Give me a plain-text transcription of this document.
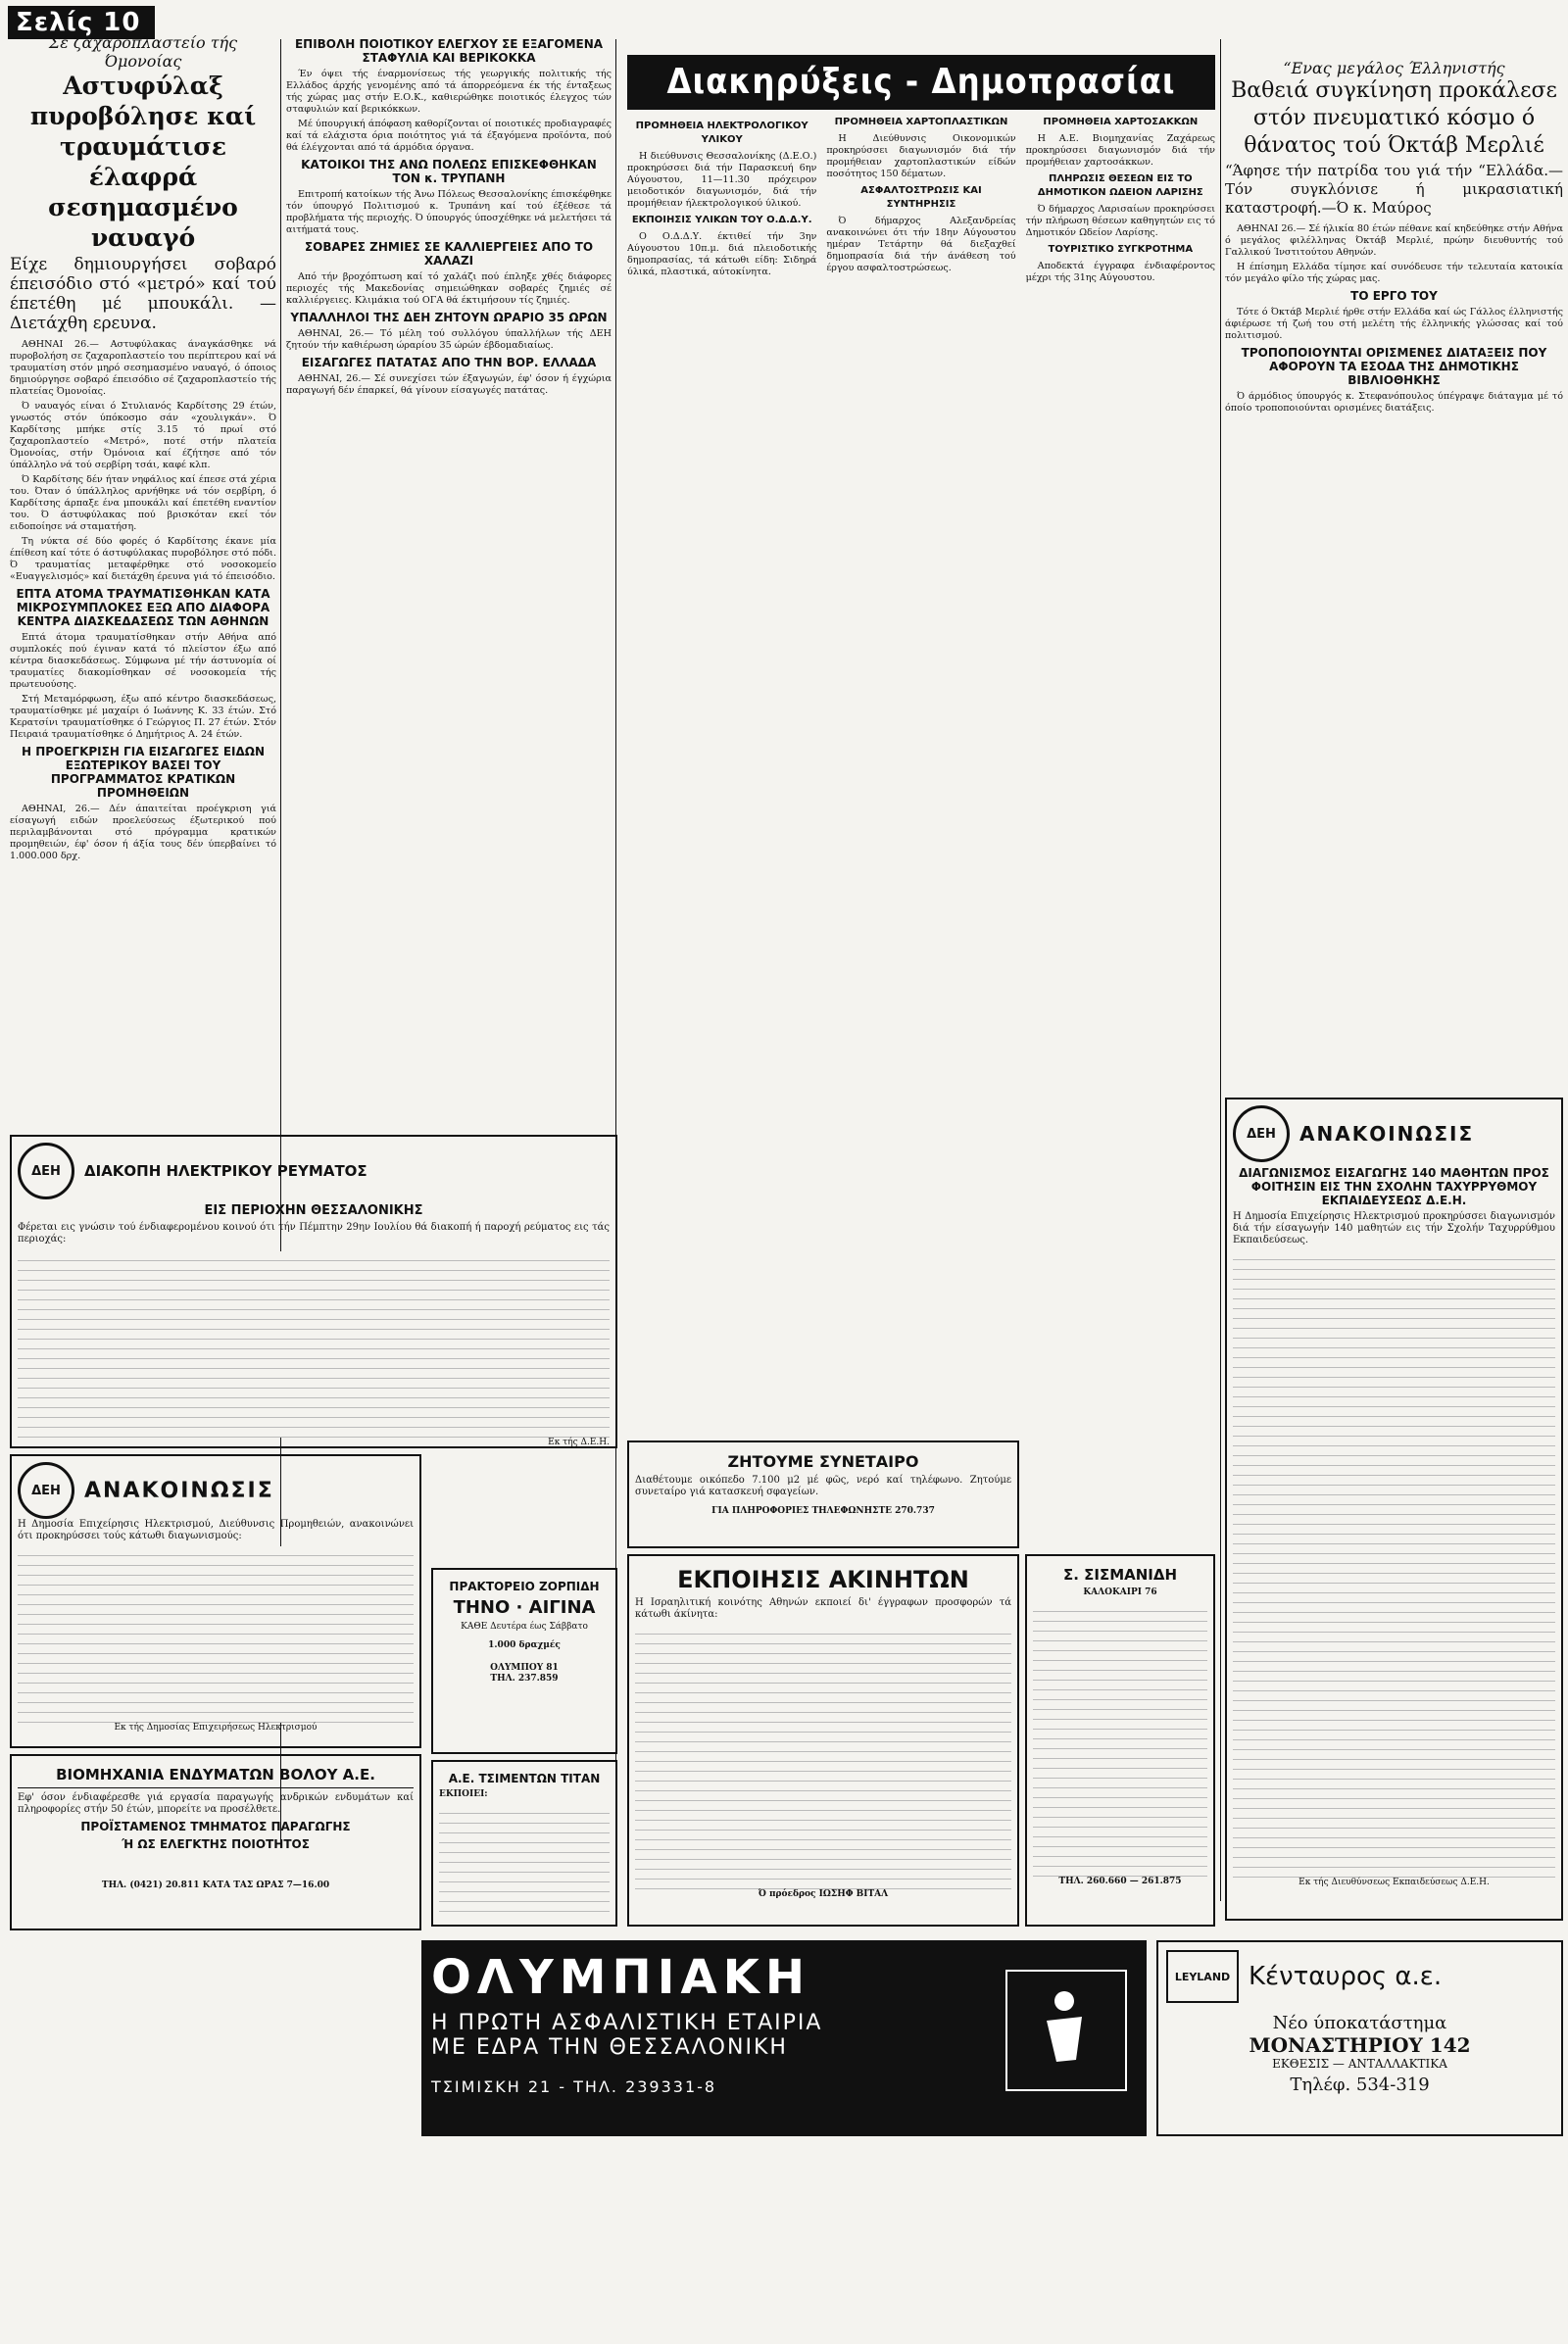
Σελίς 10

Σέ ζαχαροπλαστείο τής Όμονοίας

Αστυφύλαξ πυροβόλησε καί τραυμάτισε έλαφρά σεσημασμένο ναυαγό

Είχε δημιουργήσει σοβαρό έπεισόδιο στό «μετρό» καί τού έπετέθη μέ μπουκάλι. — Διετάχθη ερευνα.

ΑΘΗΝΑΙ 26.— Αστυφύλακας άναγκάσθηκε νά πυροβολήση σε ζαχαροπλαστείο του περίπτερου καί νά τραυματίση στόν μηρό σεσημασμένο ναυαγό, ό όποιος δημιούργησε σοβαρό έπεισόδιο σέ ζαχαροπλαστείο τής πλατείας Όμονοίας.

Ό ναυαγός είναι ό Στυλιανός Καρδίτσης 29 έτών, γνωστός στόν ύπόκοσμο σάν «χουλιγκάν». Ό Καρδίτσης μπήκε στίς 3.15 τό πρωί στό ζαχαροπλαστείο «Μετρό», ποτέ στήν πλατεία Όμονοίας, στήν Όμόνοια καί έζήτησε από τόν ύπάλληλο νά τού σερβίρη τσάι, καφέ κλπ.

Ό Καρδίτσης δέν ήταν νηφάλιος καί έπεσε στά χέρια του. Όταν ό ύπάλληλος αρνήθηκε νά τόν σερβίρη, ό Καρδίτσης άρπαξε ένα μπουκάλι καί έπετέθη εναντίον του. Ό άστυφύλακας πού βρισκόταν εκεί τόν ειδοποίησε νά σταματήση.

Τη νύκτα σέ δύο φορές ό Καρδίτσης έκανε μία έπίθεση καί τότε ό άστυφύλακας πυροβόλησε στό πόδι. Ό τραυματίας μεταφέρθηκε στό νοσοκομείο «Ευαγγελισμός» καί διετάχθη έρευνα γιά τό έπεισόδιο.

ΕΠΤΑ ΑΤΟΜΑ ΤΡΑΥΜΑΤΙΣΘΗΚΑΝ ΚΑΤΑ ΜΙΚΡΟΣΥΜΠΛΟΚΕΣ ΕΞΩ ΑΠΟ ΔΙΑΦΟΡΑ ΚΕΝΤΡΑ ΔΙΑΣΚΕΔΑΣΕΩΣ ΤΩΝ ΑΘΗΝΩΝ

Επτά άτομα τραυματίσθηκαν στήν Αθήνα από συμπλοκές πού έγιναν κατά τό πλείστον έξω από κέντρα διασκεδάσεως. Σύμφωνα μέ τήν άστυνομία οί τραυματίες διακομίσθηκαν σέ νοσοκομεία τής πρωτευούσης.

Στή Μεταμόρφωση, έξω από κέντρο διασκεδάσεως, τραυματίσθηκε μέ μαχαίρι ό Ιωάννης Κ. 33 έτών. Στό Κερατσίνι τραυματίσθηκε ό Γεώργιος Π. 27 έτών. Στόν Πειραιά τραυματίσθηκε ό Δημήτριος Α. 24 έτών.

Η ΠΡΟΕΓΚΡΙΣΗ ΓΙΑ ΕΙΣΑΓΩΓΕΣ ΕΙΔΩΝ ΕΞΩΤΕΡΙΚΟΥ ΒΑΣΕΙ ΤΟΥ ΠΡΟΓΡΑΜΜΑΤΟΣ ΚΡΑΤΙΚΩΝ ΠΡΟΜΗΘΕΙΩΝ

ΑΘΗΝΑΙ, 26.— Δέν άπαιτείται προέγκριση γιά είσαγωγή ειδών προελεύσεως έξωτερικού πού περιλαμβάνονται στό πρόγραμμα κρατικών προμηθειών, έφ' όσον ή άξία τους δέν ύπερβαίνει τό 1.000.000 δρχ.

ΔΕΗ	ΔΙΑΚΟΠΗ ΗΛΕΚΤΡΙΚΟΥ ΡΕΥΜΑΤΟΣ
ΕΙΣ ΠΕΡΙΟΧΗΝ ΘΕΣΣΑΛΟΝΙΚΗΣ
Φέρεται εις γνώσιν τού ένδιαφερομένου κοινού ότι τήν Πέμπτην 29ην Ιουλίου θά διακοπή ή παροχή ρεύματος εις τάς περιοχάς:
Εκ τής Δ.Ε.Η.
ΔΕΗ	ΑΝΑΚΟΙΝΩΣΙΣ
Η Δημοσία Επιχείρησις Ηλεκτρισμού, Διεύθυνσις Προμηθειών, ανακοινώνει ότι προκηρύσσει τούς κάτωθι διαγωνισμούς:
Εκ τής Δημοσίας Επιχειρήσεως Ηλεκτρισμού
ΒΙΟΜΗΧΑΝΙΑ ΕΝΔΥΜΑΤΩΝ ΒΟΛΟΥ Α.Ε.
Εφ' όσον ένδιαφέρεσθε γιά εργασία παραγωγής ανδρικών ενδυμάτων καί πληροφορίες στήν 50 έτών, μπορείτε να προσέλθετε.
ΠΡΟΪΣΤΑΜΕΝΟΣ ΤΜΗΜΑΤΟΣ ΠΑΡΑΓΩΓΗΣ
Ή ΩΣ ΕΛΕΓΚΤΗΣ ΠΟΙΟΤΗΤΟΣ
ΤΗΛ. (0421) 20.811 ΚΑΤΑ ΤΑΣ ΩΡΑΣ 7—16.00

ΕΠΙΒΟΛΗ ΠΟΙΟΤΙΚΟΥ ΕΛΕΓΧΟΥ ΣΕ ΕΞΑΓΟΜΕΝΑ ΣΤΑΦΥΛΙΑ ΚΑΙ ΒΕΡΙΚΟΚΚΑ

Έν όψει τής έναρμονίσεως τής γεωργικής πολιτικής τής Ελλάδος άρχής γενομένης από τά άπορρεόμενα έκ τής ένταξεως τής χώρας μας στήν Ε.Ο.Κ., καθιερώθηκε ποιοτικός έλεγχος τών σταφυλιών καί βερικόκκων.

Μέ ύπουργική άπόφαση καθορίζονται οί ποιοτικές προδιαγραφές καί τά ελάχιστα όρια ποιότητος γιά τά έξαγόμενα προϊόντα, πού θά έλέγχονται από τά άρμόδια όργανα.

ΚΑΤΟΙΚΟΙ ΤΗΣ ΑΝΩ ΠΟΛΕΩΣ ΕΠΙΣΚΕΦΘΗΚΑΝ ΤΟΝ κ. ΤΡΥΠΑΝΗ

Επιτροπή κατοίκων τής Άνω Πόλεως Θεσσαλονίκης έπισκέφθηκε τόν ύπουργό Πολιτισμού κ. Τρυπάνη καί τού έξέθεσε τά προβλήματα τής περιοχής. Ό ύπουργός ύποσχέθηκε νά μελετήσει τά αιτήματά τους.

ΣΟΒΑΡΕΣ ΖΗΜΙΕΣ ΣΕ ΚΑΛΛΙΕΡΓΕΙΕΣ ΑΠΟ ΤΟ ΧΑΛΑΖΙ

Από τήν βροχόπτωση καί τό χαλάζι πού έπληξε χθές διάφορες περιοχές τής Μακεδονίας σημειώθηκαν σοβαρές ζημιές σέ καλλιέργειες. Κλιμάκια τού ΟΓΑ θά έκτιμήσουν τίς ζημιές.

ΥΠΑΛΛΗΛΟΙ ΤΗΣ ΔΕΗ ΖΗΤΟΥΝ ΩΡΑΡΙΟ 35 ΩΡΩΝ

ΑΘΗΝΑΙ, 26.— Τό μέλη τού συλλόγου ύπαλλήλων τής ΔΕΗ ζητούν τήν καθιέρωση ώραρίου 35 ώρών έβδομαδιαίως.

ΕΙΣΑΓΩΓΕΣ ΠΑΤΑΤΑΣ ΑΠΟ ΤΗΝ ΒΟΡ. ΕΛΛΑΔΑ

ΑΘΗΝΑΙ, 26.— Σέ συνεχίσει τών έξαγωγών, έφ' όσον ή έγχώρια παραγωγή δέν έπαρκεί, θά γίνουν είσαγωγές πατάτας.

ΠΡΑΚΤΟΡΕΙΟ ΖΟΡΠΙΔΗ
ΤΗΝΟ · ΑΙΓΙΝΑ
ΚΑΘΕ Δευτέρα έως Σάββατο
1.000 δραχμές
ΟΛΥΜΠΟΥ 81
ΤΗΛ. 237.859
Α.Ε. ΤΣΙΜΕΝΤΩΝ ΤΙΤΑΝ
ΕΚΠΟΙΕΙ:
Διακηρύξεις - Δημοπρασίαι

ΠΡΟΜΗΘΕΙΑ ΗΛΕΚΤΡΟΛΟΓΙΚΟΥ ΥΛΙΚΟΥ

Η διεύθυνσις Θεσσαλονίκης (Δ.Ε.Ο.) προκηρύσσει διά τήν Παρασκευή 6ην Αύγουστου, 11—11.30 πρόχειρον μειοδοτικόν διαγωνισμόν, διά τήν προμήθειαν ήλεκτρολογικού ύλικού.

ΕΚΠΟΙΗΣΙΣ ΥΛΙΚΩΝ ΤΟΥ Ο.Δ.Δ.Υ.

Ο Ο.Δ.Δ.Υ. έκτιθεί τήν 3ην Αύγουστου 10π.μ. διά πλειοδοτικής δημοπρασίας, τά κάτωθι είδη: Σιδηρά ύλικά, πλαστικά, αύτοκίνητα.

ΠΡΟΜΗΘΕΙΑ ΧΑΡΤΟΠΛΑΣΤΙΚΩΝ

Η Διεύθυνσις Οικονομικών προκηρύσσει διαγωνισμόν διά τήν προμήθειαν χαρτοπλαστικών είδών ποσότητος 150 δέματων.

ΑΣΦΑΛΤΟΣΤΡΩΣΙΣ ΚΑΙ ΣΥΝΤΗΡΗΣΙΣ

Ό δήμαρχος Αλεξανδρείας ανακοινώνει ότι τήν 18ην Αύγουστου ημέραν Τετάρτην θά διεξαχθεί δημοπρασία διά τήν άνάθεση τού έργου ασφαλτοστρώσεως.

ΠΡΟΜΗΘΕΙΑ ΧΑΡΤΟΣΑΚΚΩΝ

Η Α.Ε. Βιομηχανίας Ζαχάρεως προκηρύσσει διαγωνισμόν διά τήν προμήθειαν χαρτοσάκκων.

ΠΛΗΡΩΣΙΣ ΘΕΣΕΩΝ ΕΙΣ ΤΟ ΔΗΜΟΤΙΚΟΝ ΩΔΕΙΟΝ ΛΑΡΙΣΗΣ

Ό δήμαρχος Λαρισαίων προκηρύσσει τήν πλήρωση θέσεων καθηγητών εις τό Δημοτικόν Ωδείον Λαρίσης.

ΤΟΥΡΙΣΤΙΚΟ ΣΥΓΚΡΟΤΗΜΑ

Αποδεκτά έγγραφα ένδιαφέροντος μέχρι τής 31ης Αύγουστου.

ΖΗΤΟΥΜΕ ΣΥΝΕΤΑΙΡΟ
Διαθέτουμε οικόπεδο 7.100 μ2 μέ φῶς, νερό καί τηλέφωνο. Ζητούμε συνεταίρο γιά κατασκευή σφαγείων.
ΓΙΑ ΠΛΗΡΟΦΟΡΙΕΣ ΤΗΛΕΦΩΝΗΣΤΕ 270.737
ΕΚΠΟΙΗΣΙΣ ΑΚΙΝΗΤΩΝ
Η Ισραηλιτική κοινότης Αθηνών εκποιεί δι' έγγραφων προσφορών τά κάτωθι άκίνητα:
Ό πρόεδρος ΙΩΣΗΦ ΒΙΤΑΛ
Σ. ΣΙΣΜΑΝΙΔΗ
ΚΑΛΟΚΑΙΡΙ 76
ΤΗΛ. 260.660 — 261.875

“Ενας μεγάλος Έλληνιστής

Βαθειά συγκίνηση προκάλεσε στόν πνευματικό κόσμο ό θάνατος τού Όκτάβ Μερλιέ

“Άφησε τήν πατρίδα του γιά τήν “Ελλάδα.— Τόν συγκλόνισε ή μικρασιατική καταστροφή.—Ό κ. Μαύρος

ΑΘΗΝΑΙ 26.— Σέ ήλικία 80 έτών πέθανε καί κηδεύθηκε στήν Αθήνα ό μεγάλος φιλέλληνας Όκτάβ Μερλιέ, πρώην διευθυντής τού Γαλλικού Ίνστιτούτου Αθηνών.

Η έπίσημη Ελλάδα τίμησε καί συνόδευσε τήν τελευταία κατοικία τόν μεγάλο φίλο τής χώρας μας.

ΤΟ ΕΡΓΟ ΤΟΥ

Τότε ό Όκτάβ Μερλιέ ήρθε στήν Ελλάδα καί ώς Γάλλος έλληνιστής άφιέρωσε τή ζωή του στή μελέτη τής έλληνικής γλώσσας καί τού πολιτισμού.

ΤΡΟΠΟΠΟΙΟΥΝΤΑΙ ΟΡΙΣΜΕΝΕΣ ΔΙΑΤΑΞΕΙΣ ΠΟΥ ΑΦΟΡΟΥΝ ΤΑ ΕΣΟΔΑ ΤΗΣ ΔΗΜΟΤΙΚΗΣ ΒΙΒΛΙΟΘΗΚΗΣ

Ό άρμόδιος ύπουργός κ. Στεφανόπουλος ύπέγραψε διάταγμα μέ τό όποίο τροποποιούνται ορισμένες διατάξεις.

ΔΕΗ	ΑΝΑΚΟΙΝΩΣΙΣ
ΔΙΑΓΩΝΙΣΜΟΣ ΕΙΣΑΓΩΓΗΣ 140 ΜΑΘΗΤΩΝ ΠΡΟΣ ΦΟΙΤΗΣΙΝ ΕΙΣ ΤΗΝ ΣΧΟΛΗΝ ΤΑΧΥΡΡΥΘΜΟΥ ΕΚΠΑΙΔΕΥΣΕΩΣ Δ.Ε.Η.
Η Δημοσία Επιχείρησις Ηλεκτρισμού προκηρύσσει διαγωνισμόν διά τήν είσαγωγήν 140 μαθητών εις τήν Σχολήν Ταχυρρύθμου Εκπαιδεύσεως.
Εκ τής Διευθύνσεως Εκπαιδεύσεως Δ.Ε.Η.
ΟΛΥΜΠΙΑΚΗ
Η ΠΡΩΤΗ ΑΣΦΑΛΙΣΤΙΚΗ ΕΤΑΙΡΙΑ
ΜΕ ΕΔΡΑ ΤΗΝ ΘΕΣΣΑΛΟΝΙΚΗ
ΤΣΙΜΙΣΚΗ 21 - ΤΗΛ. 239331-8
LEYLAND Κένταυρος α.ε.
Νέο ύποκατάστημα
ΜΟΝΑΣΤΗΡΙΟΥ 142
ΕΚΘΕΣΙΣ — ΑΝΤΑΛΛΑΚΤΙΚΑ
Τηλέφ. 534-319
